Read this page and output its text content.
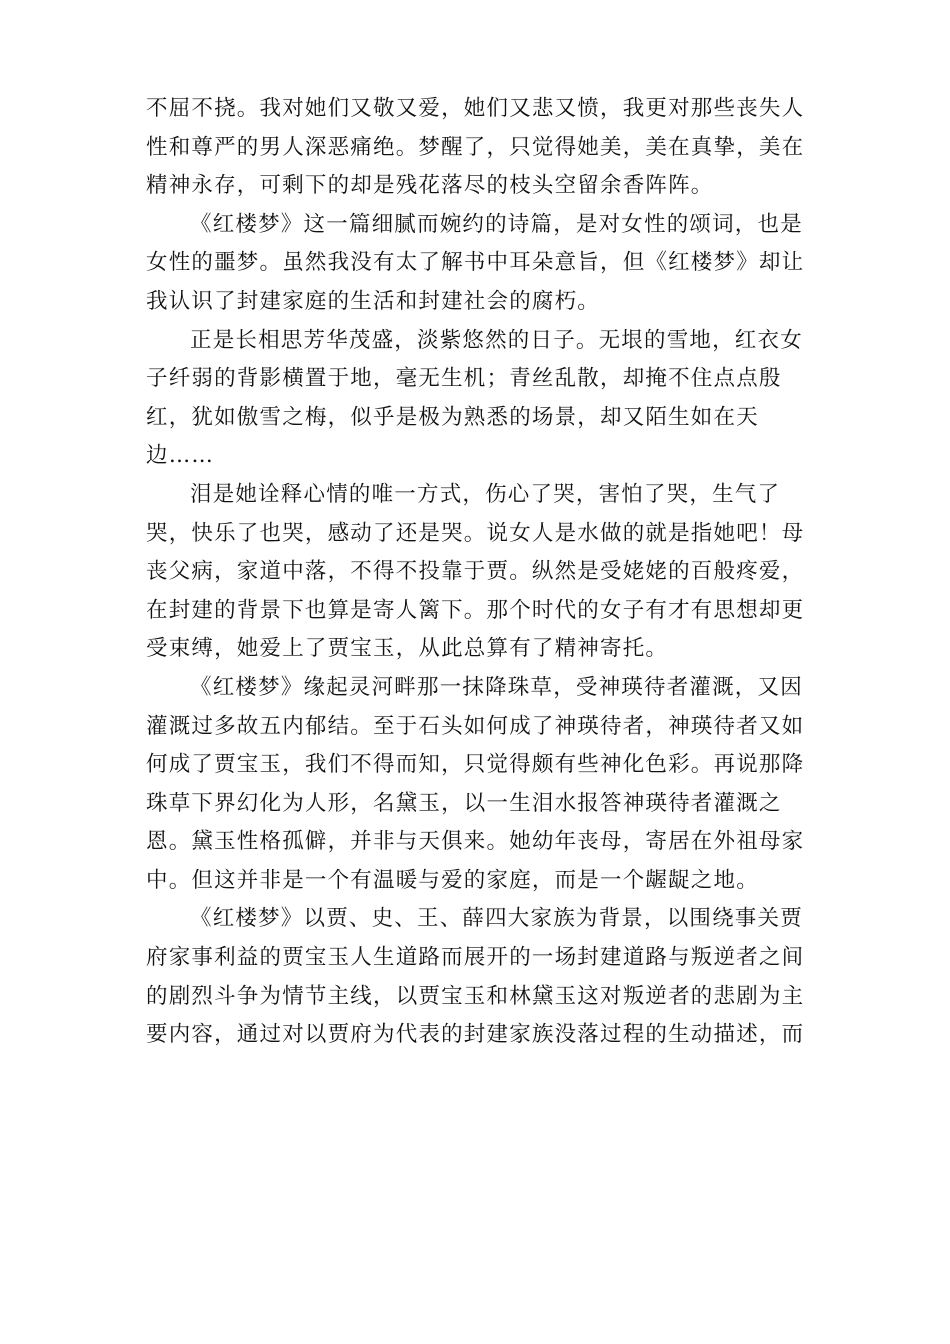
不屈不挠。我对她们又敬又爱，她们又悲又愤，我更对那些丧失人
性和尊严的男人深恶痛绝。梦醒了，只觉得她美，美在真挚，美在
精神永存，可剩下的却是残花落尽的枝头空留余香阵阵。
《红楼梦》这一篇细腻而婉约的诗篇，是对女性的颂词，也是
女性的噩梦。虽然我没有太了解书中耳朵意旨，但《红楼梦》却让
我认识了封建家庭的生活和封建社会的腐朽。
正是长相思芳华茂盛，淡紫悠然的日子。无垠的雪地，红衣女
子纤弱的背影横置于地，毫无生机；青丝乱散，却掩不住点点殷
红，犹如傲雪之梅，似乎是极为熟悉的场景，却又陌生如在天
边……
泪是她诠释心情的唯一方式，伤心了哭，害怕了哭，生气了
哭，快乐了也哭，感动了还是哭。说女人是水做的就是指她吧！母
丧父病，家道中落，不得不投靠于贾。纵然是受姥姥的百般疼爱，
在封建的背景下也算是寄人篱下。那个时代的女子有才有思想却更
受束缚，她爱上了贾宝玉，从此总算有了精神寄托。
《红楼梦》缘起灵河畔那一抹降珠草，受神瑛待者灌溉，又因
灌溉过多故五内郁结。至于石头如何成了神瑛待者，神瑛待者又如
何成了贾宝玉，我们不得而知，只觉得颇有些神化色彩。再说那降
珠草下界幻化为人形，名黛玉，以一生泪水报答神瑛待者灌溉之
恩。黛玉性格孤僻，并非与天俱来。她幼年丧母，寄居在外祖母家
中。但这并非是一个有温暖与爱的家庭，而是一个龌龊之地。
《红楼梦》以贾、史、王、薛四大家族为背景，以围绕事关贾
府家事利益的贾宝玉人生道路而展开的一场封建道路与叛逆者之间
的剧烈斗争为情节主线，以贾宝玉和林黛玉这对叛逆者的悲剧为主
要内容，通过对以贾府为代表的封建家族没落过程的生动描述，而
